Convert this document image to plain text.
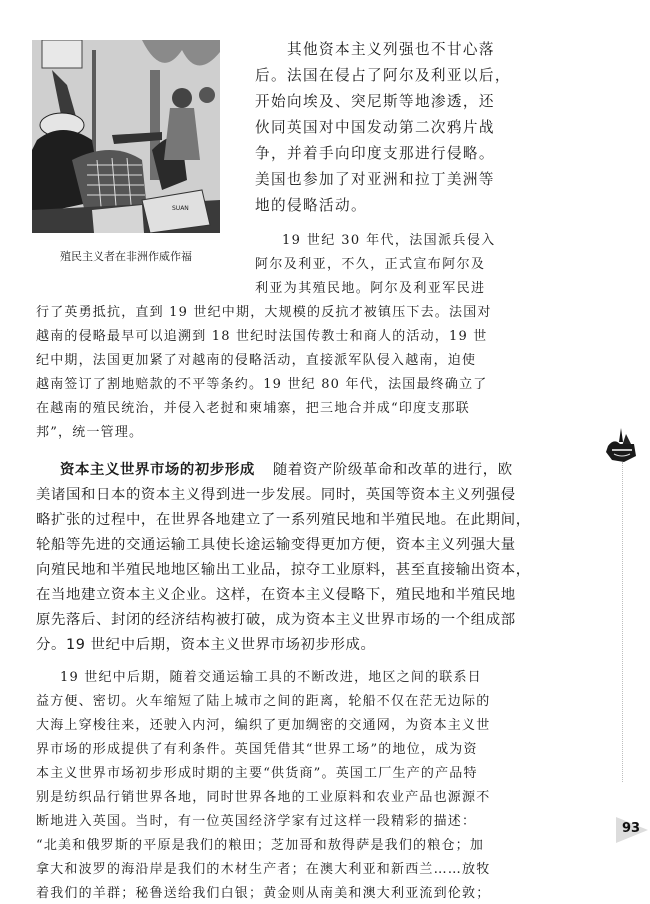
SUAN
殖民主义者在非洲作威作福
其他资本主义列强也不甘心落
后。法国在侵占了阿尔及利亚以后，
开始向埃及、突尼斯等地渗透，还
伙同英国对中国发动第二次鸦片战
争，并着手向印度支那进行侵略。
美国也参加了对亚洲和拉丁美洲等
地的侵略活动。
19 世纪 30 年代，法国派兵侵入
阿尔及利亚，不久，正式宣布阿尔及
利亚为其殖民地。阿尔及利亚军民进
行了英勇抵抗，直到 19 世纪中期，大规模的反抗才被镇压下去。法国对
越南的侵略最早可以追溯到 18 世纪时法国传教士和商人的活动，19 世
纪中期，法国更加紧了对越南的侵略活动，直接派军队侵入越南，迫使
越南签订了割地赔款的不平等条约。19 世纪 80 年代，法国最终确立了
在越南的殖民统治，并侵入老挝和柬埔寨，把三地合并成“印度支那联
邦”，统一管理。
资本主义世界市场的初步形成 随着资产阶级革命和改革的进行，欧
美诸国和日本的资本主义得到进一步发展。同时，英国等资本主义列强侵
略扩张的过程中，在世界各地建立了一系列殖民地和半殖民地。在此期间，
轮船等先进的交通运输工具使长途运输变得更加方便，资本主义列强大量
向殖民地和半殖民地地区输出工业品，掠夺工业原料，甚至直接输出资本，
在当地建立资本主义企业。这样，在资本主义侵略下，殖民地和半殖民地
原先落后、封闭的经济结构被打破，成为资本主义世界市场的一个组成部
分。19 世纪中后期，资本主义世界市场初步形成。
19 世纪中后期，随着交通运输工具的不断改进，地区之间的联系日
益方便、密切。火车缩短了陆上城市之间的距离，轮船不仅在茫无边际的
大海上穿梭往来，还驶入内河，编织了更加绸密的交通网，为资本主义世
界市场的形成提供了有利条件。英国凭借其“世界工场”的地位，成为资
本主义世界市场初步形成时期的主要“供货商”。英国工厂生产的产品特
别是纺织品行销世界各地，同时世界各地的工业原料和农业产品也源源不
断地进入英国。当时，有一位英国经济学家有过这样一段精彩的描述：
“北美和俄罗斯的平原是我们的粮田；芝加哥和敖得萨是我们的粮仓；加
拿大和波罗的海沿岸是我们的木材生产者；在澳大利亚和新西兰……放牧
着我们的羊群；秘鲁送给我们白银；黄金则从南美和澳大利亚流到伦敦；
93
